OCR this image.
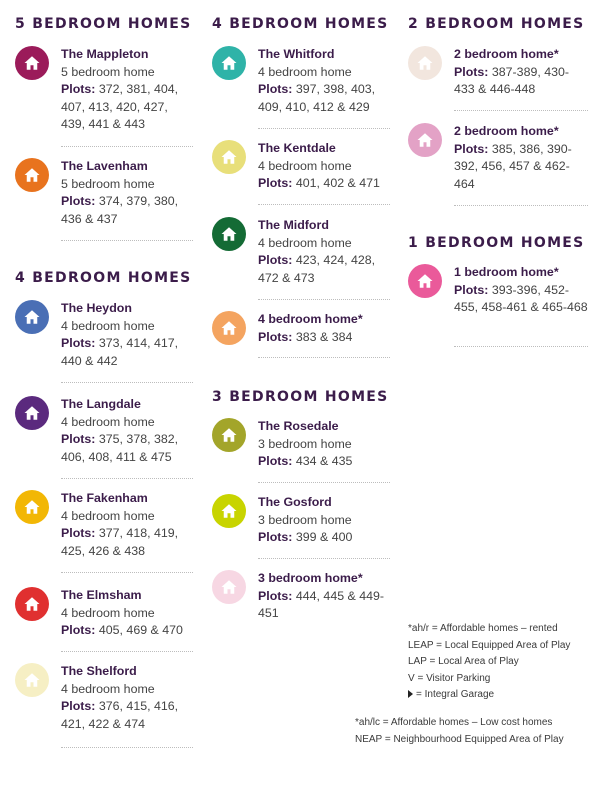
5 BEDROOM HOMES
The Mappleton
5 bedroom home
Plots: 372, 381, 404, 407, 413, 420, 427, 439, 441 & 443
The Lavenham
5 bedroom home
Plots: 374, 379, 380, 436 & 437
4 BEDROOM HOMES
The Heydon
4 bedroom home
Plots: 373, 414, 417, 440 & 442
The Langdale
4 bedroom home
Plots: 375, 378, 382, 406, 408, 411 & 475
The Fakenham
4 bedroom home
Plots: 377, 418, 419, 425, 426 & 438
The Elmsham
4 bedroom home
Plots: 405, 469 & 470
The Shelford
4 bedroom home
Plots: 376, 415, 416, 421, 422 & 474
4 BEDROOM HOMES
The Whitford
4 bedroom home
Plots: 397, 398, 403, 409, 410, 412 & 429
The Kentdale
4 bedroom home
Plots: 401, 402 & 471
The Midford
4 bedroom home
Plots: 423, 424, 428, 472 & 473
4 bedroom home*
Plots: 383 & 384
3 BEDROOM HOMES
The Rosedale
3 bedroom home
Plots: 434 & 435
The Gosford
3 bedroom home
Plots: 399 & 400
3 bedroom home*
Plots: 444, 445 & 449-451
2 BEDROOM HOMES
2 bedroom home*
Plots: 387-389, 430-433 & 446-448
2 bedroom home*
Plots: 385, 386, 390-392, 456, 457 & 462-464
1 BEDROOM HOMES
1 bedroom home*
Plots: 393-396, 452-455, 458-461 & 465-468
*ah/r = Affordable homes – rented
LEAP = Local Equipped Area of Play
LAP = Local Area of Play
V = Visitor Parking
= Integral Garage
*ah/lc = Affordable homes – Low cost homes
NEAP = Neighbourhood Equipped Area of Play
